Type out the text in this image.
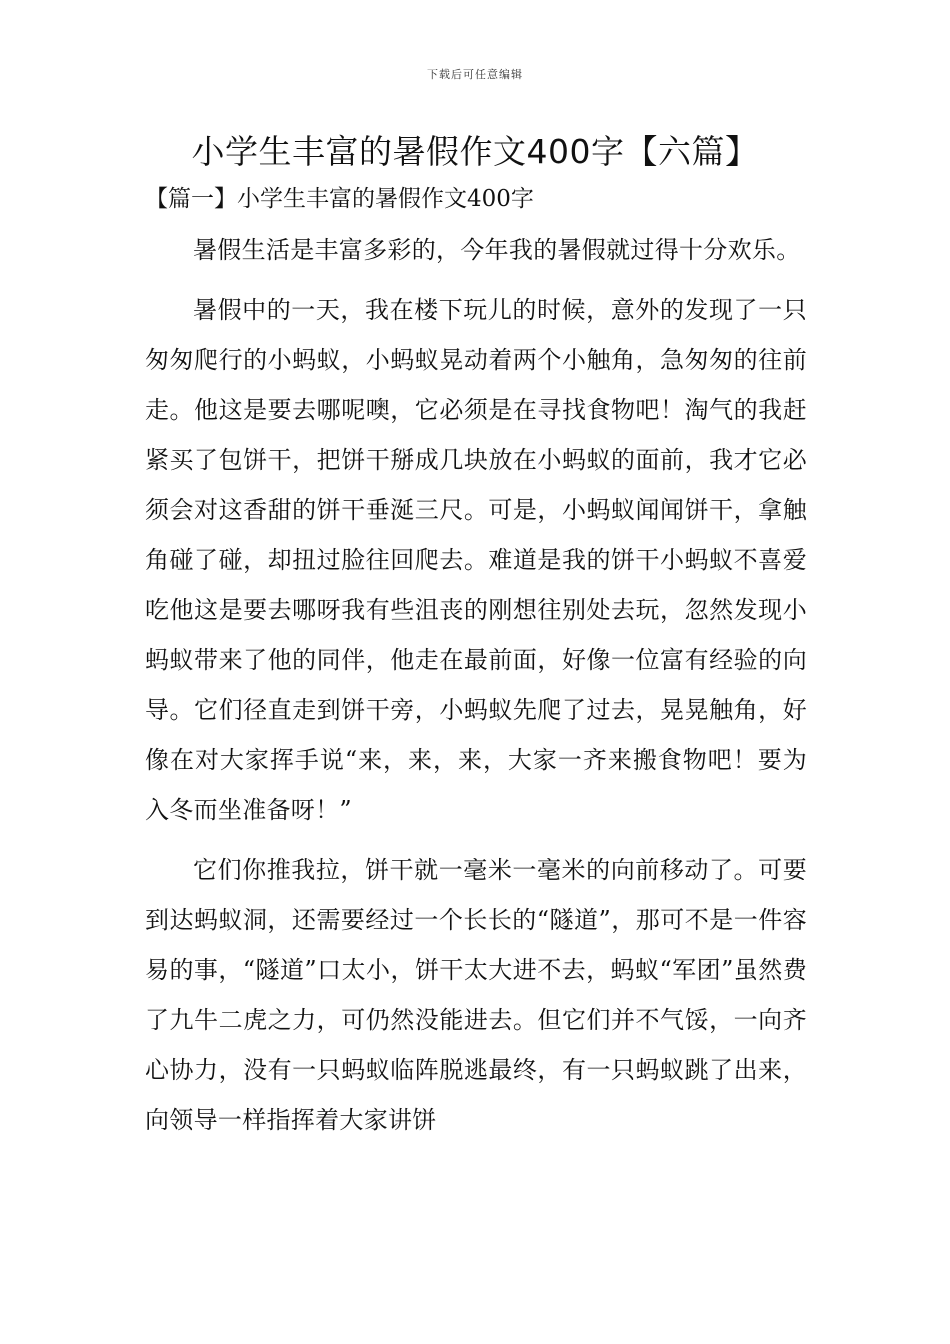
下载后可任意编辑
小学生丰富的暑假作文400字【六篇】
【篇一】小学生丰富的暑假作文400字

暑假生活是丰富多彩的，今年我的暑假就过得十分欢乐。

暑假中的一天，我在楼下玩儿的时候，意外的发现了一只匆匆爬行的小蚂蚁，小蚂蚁晃动着两个小触角，急匆匆的往前走。他这是要去哪呢噢，它必须是在寻找食物吧！淘气的我赶紧买了包饼干，把饼干掰成几块放在小蚂蚁的面前，我才它必须会对这香甜的饼干垂涎三尺。可是，小蚂蚁闻闻饼干，拿触角碰了碰，却扭过脸往回爬去。难道是我的饼干小蚂蚁不喜爱吃他这是要去哪呀我有些沮丧的刚想往别处去玩，忽然发现小蚂蚁带来了他的同伴，他走在最前面，好像一位富有经验的向导。它们径直走到饼干旁，小蚂蚁先爬了过去，晃晃触角，好像在对大家挥手说“来，来，来，大家一齐来搬食物吧！要为入冬而坐准备呀！”

它们你推我拉，饼干就一毫米一毫米的向前移动了。可要到达蚂蚁洞，还需要经过一个长长的“隧道”，那可不是一件容易的事，“隧道”口太小，饼干太大进不去，蚂蚁“军团”虽然费了九牛二虎之力，可仍然没能进去。但它们并不气馁，一向齐心协力，没有一只蚂蚁临阵脱逃最终，有一只蚂蚁跳了出来，向领导一样指挥着大家讲饼
